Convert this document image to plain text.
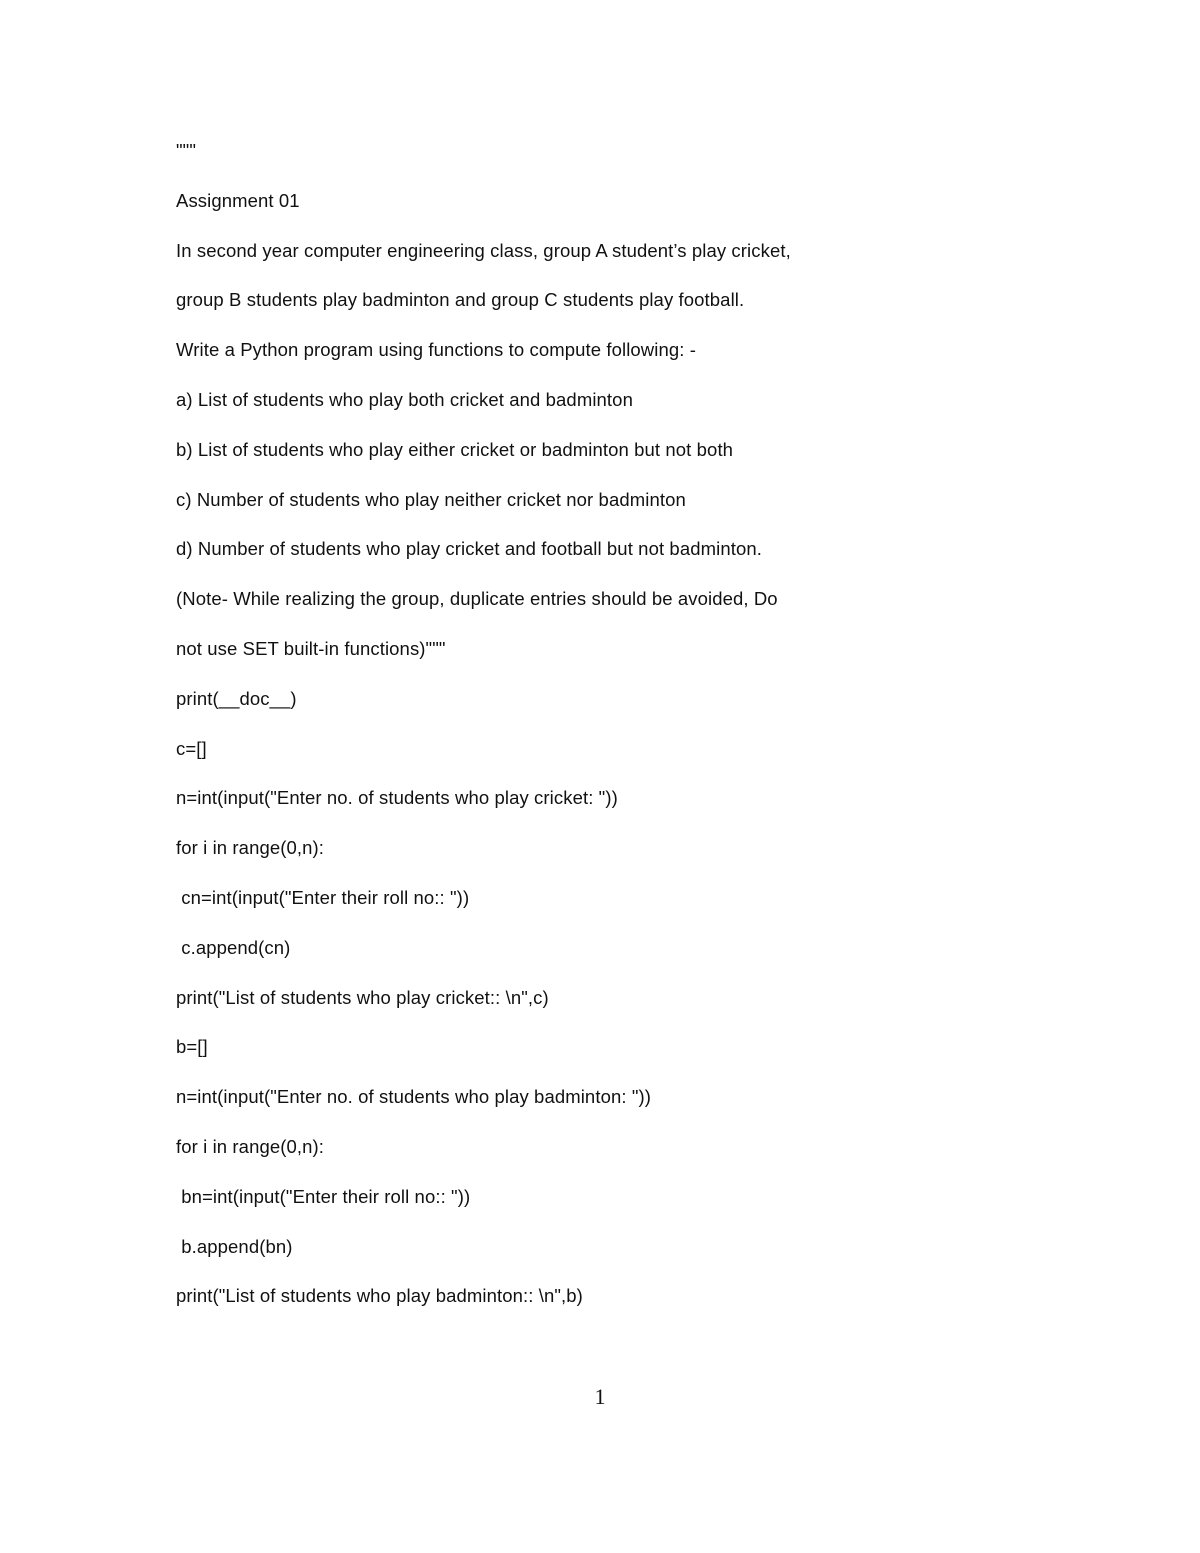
"""
Assignment 01
In second year computer engineering class, group A student’s play cricket,
group B students play badminton and group C students play football.
Write a Python program using functions to compute following: -
a) List of students who play both cricket and badminton
b) List of students who play either cricket or badminton but not both
c) Number of students who play neither cricket nor badminton
d) Number of students who play cricket and football but not badminton.
(Note- While realizing the group, duplicate entries should be avoided, Do
not use SET built-in functions)"""
print(__doc__)
c=[]
n=int(input("Enter no. of students who play cricket: "))
for i in range(0,n):
cn=int(input("Enter their roll no:: "))
c.append(cn)
print("List of students who play cricket:: \n",c)
b=[]
n=int(input("Enter no. of students who play badminton: "))
for i in range(0,n):
bn=int(input("Enter their roll no:: "))
b.append(bn)
print("List of students who play badminton:: \n",b)
1
